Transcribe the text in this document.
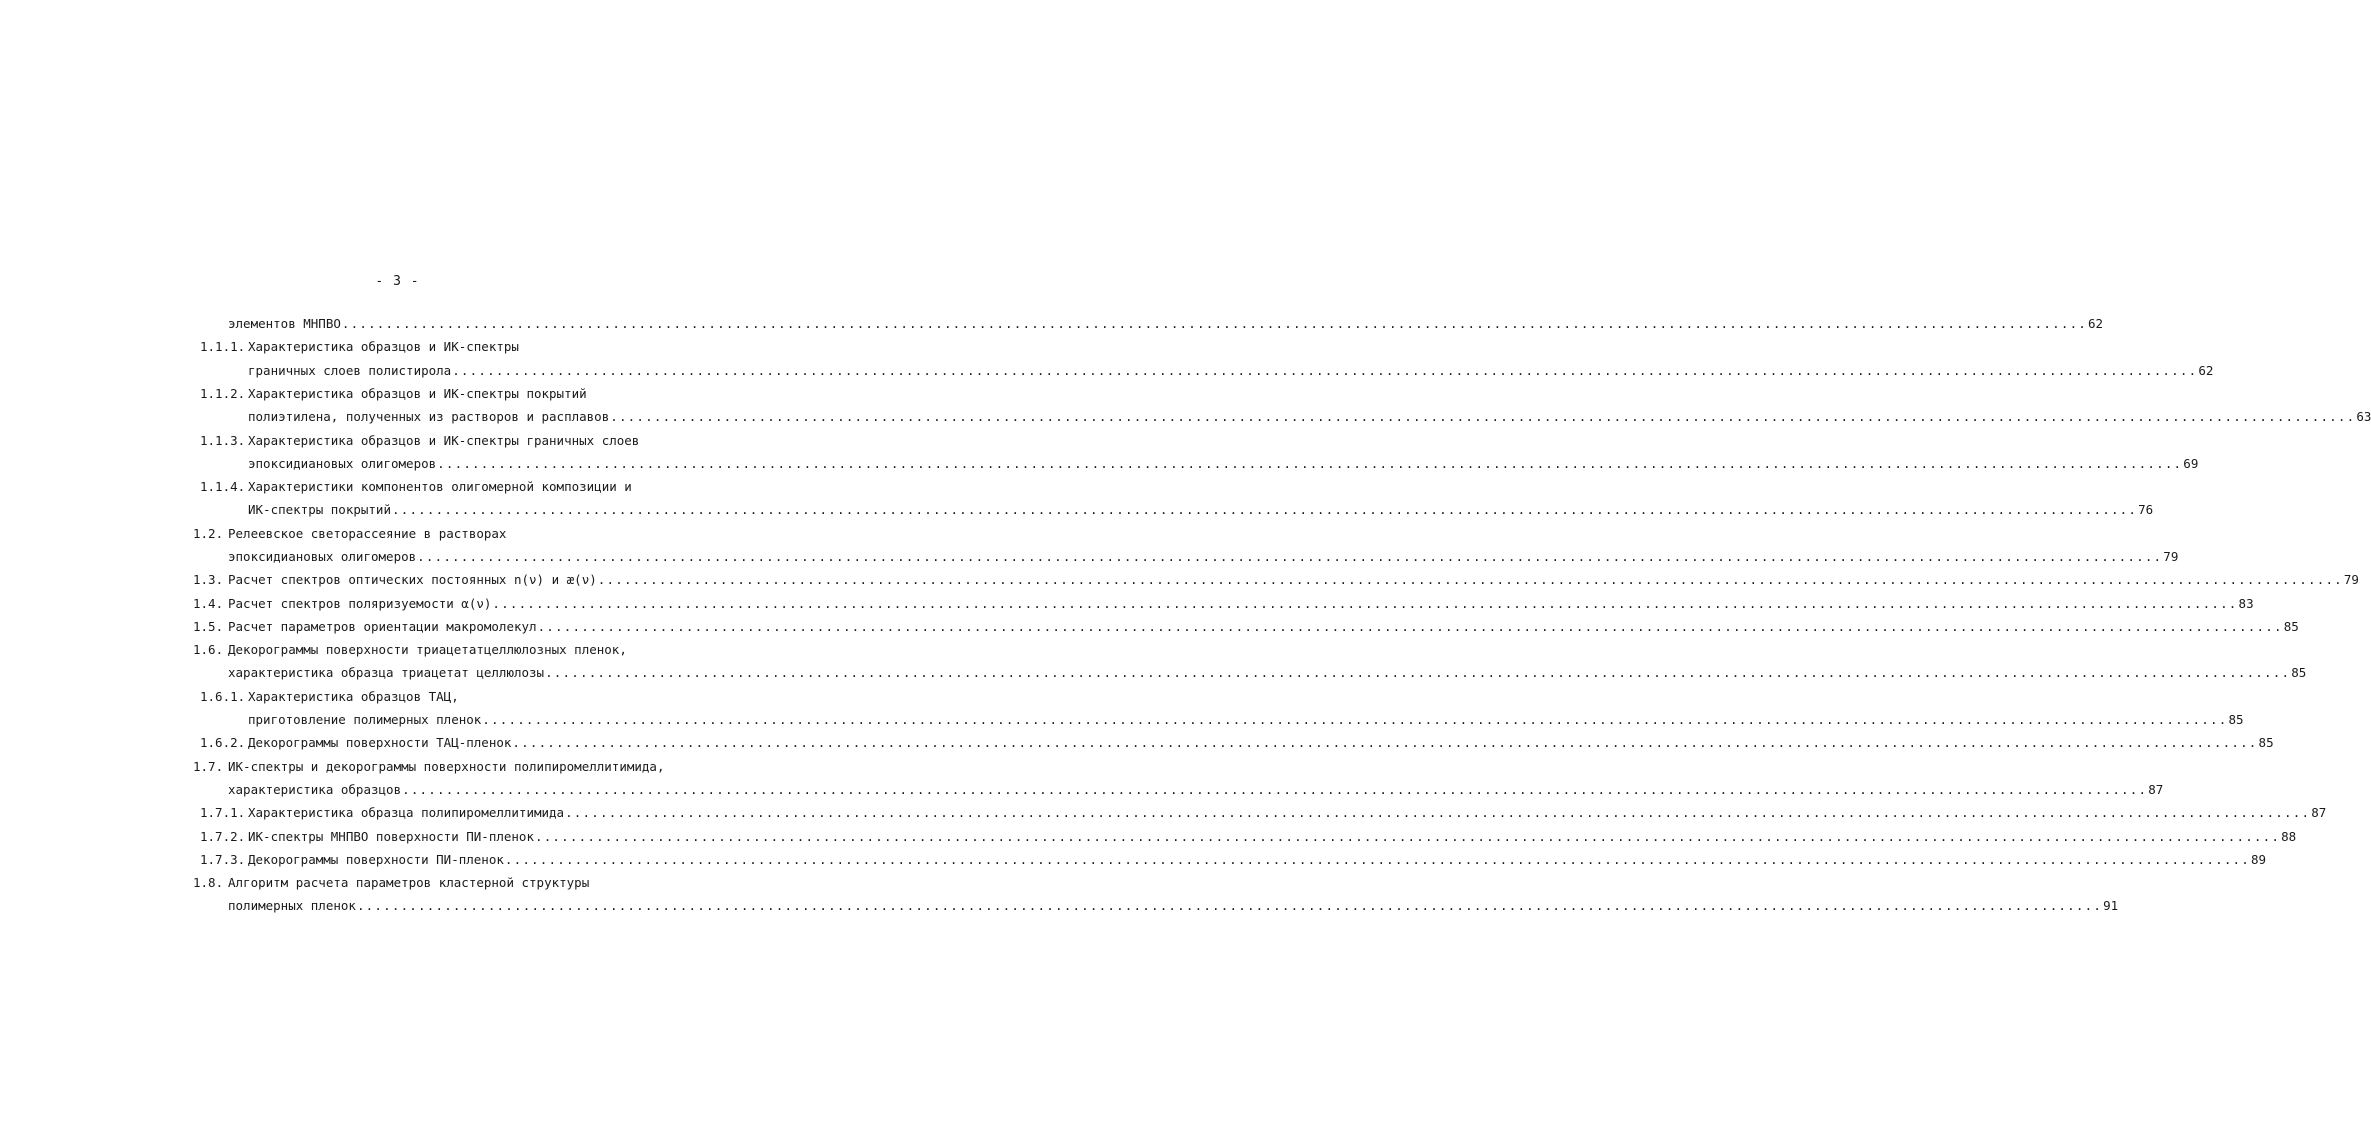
- 3 -
элементов МНПВО ........................................................................................................................................................................................................ 62
1.1.1. Характеристика образцов и ИК-спектры
граничных слоев полистирола ........................................................................................................................................................................................................ 62
1.1.2. Характеристика образцов и ИК-спектры покрытий
полиэтилена, полученных из растворов и расплавов ........................................................................................................................................................................................................ 63
1.1.3. Характеристика образцов и ИК-спектры граничных слоев
эпоксидиановых олигомеров ........................................................................................................................................................................................................ 69
1.1.4. Характеристики компонентов олигомерной композиции и
ИК-спектры покрытий ........................................................................................................................................................................................................ 76
1.2. Релеевское светорассеяние в растворах
эпоксидиановых олигомеров ........................................................................................................................................................................................................ 79
1.3. Расчет спектров оптических постоянных n(ν) и æ(ν) ........................................................................................................................................................................................................ 79
1.4. Расчет спектров поляризуемости α(ν) ........................................................................................................................................................................................................ 83
1.5. Расчет параметров ориентации макромолекул ........................................................................................................................................................................................................ 85
1.6. Декорограммы поверхности триацетатцеллюлозных пленок,
характеристика образца триацетат целлюлозы ........................................................................................................................................................................................................ 85
1.6.1. Характеристика образцов ТАЦ,
приготовление полимерных пленок ........................................................................................................................................................................................................ 85
1.6.2. Декорограммы поверхности ТАЦ-пленок ........................................................................................................................................................................................................ 85
1.7. ИК-спектры и декорограммы поверхности полипиромеллитимида,
характеристика образцов ........................................................................................................................................................................................................ 87
1.7.1. Характеристика образца полипиромеллитимида ........................................................................................................................................................................................................ 87
1.7.2. ИК-спектры МНПВО поверхности ПИ-пленок ........................................................................................................................................................................................................ 88
1.7.3. Декорограммы поверхности ПИ-пленок ........................................................................................................................................................................................................ 89
1.8. Алгоритм расчета параметров кластерной структуры
полимерных пленок ........................................................................................................................................................................................................ 91
